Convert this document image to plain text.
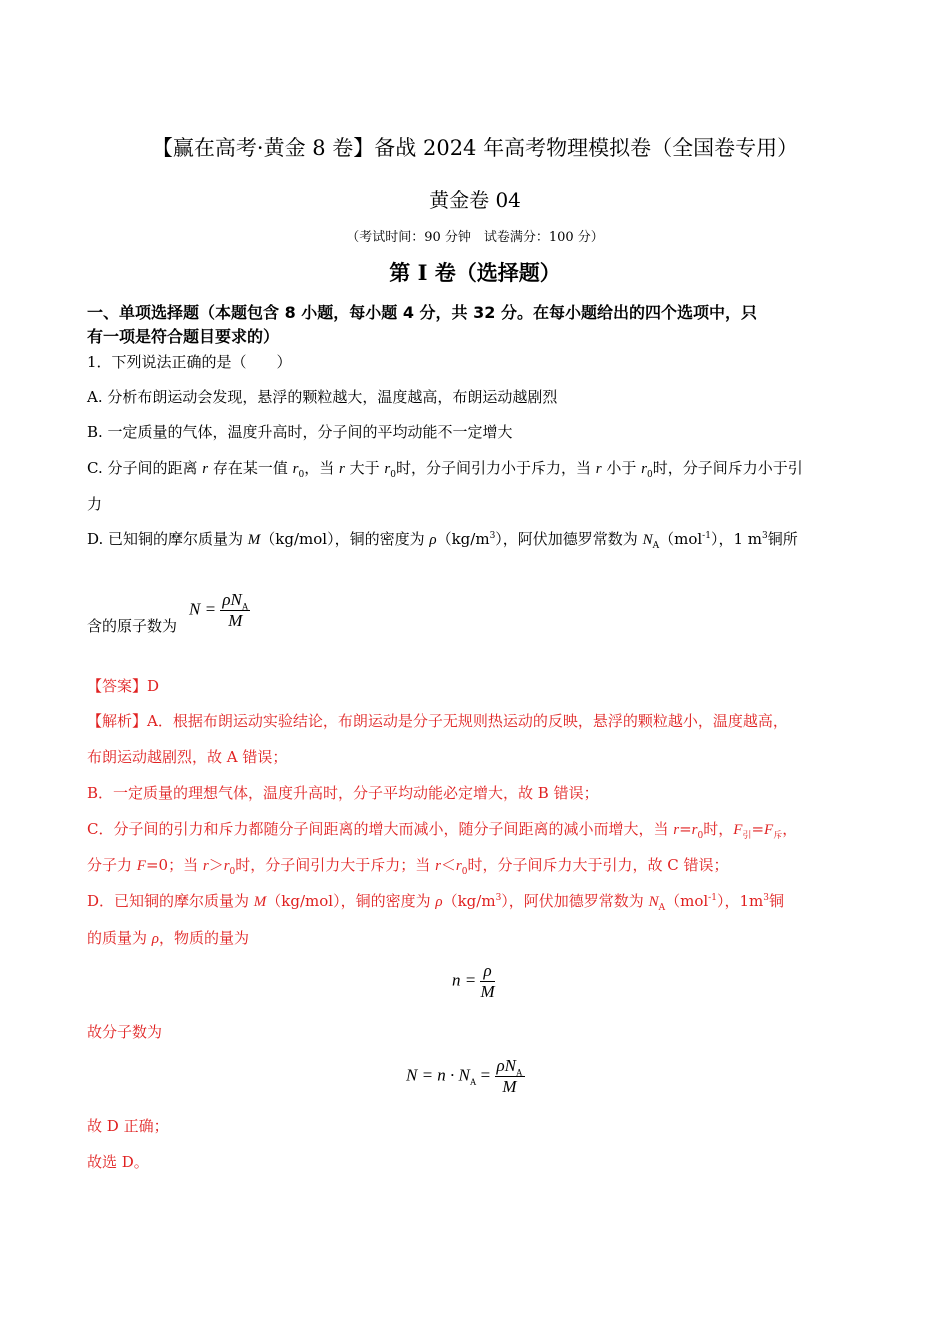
【赢在高考·黄金 8 卷】备战 2024 年高考物理模拟卷（全国卷专用）
黄金卷 04
（考试时间：90 分钟　试卷满分：100 分）
第 I 卷（选择题）
一、单项选择题（本题包含 8 小题，每小题 4 分，共 32 分。在每小题给出的四个选项中，只
有一项是符合题目要求的）
1．下列说法正确的是（　　）
A. 分析布朗运动会发现，悬浮的颗粒越大，温度越高，布朗运动越剧烈
B. 一定质量的气体，温度升高时，分子间的平均动能不一定增大
C. 分子间的距离 r 存在某一值 $r_0$，当 r 大于 $r_0$时，分子间引力小于斥力，当 r 小于 $r_0$时，分子间斥力小于引
力
D. 已知铜的摩尔质量为 M（kg/mol），铜的密度为 $\rho(kg/m^3)$，阿伏加德罗常数为 $N_A(mol^{-1})$，1 $m^3$铜所
含的原子数为
$N = \frac{\rho N_A}{M}$
【答案】D
【解析】A．根据布朗运动实验结论，布朗运动是分子无规则热运动的反映，悬浮的颗粒越小，温度越高，
布朗运动越剧烈，故 A 错误；
B．一定质量的理想气体，温度升高时，分子平均动能必定增大，故 B 错误；
C．分子间的引力和斥力都随分子间距离的增大而减小，随分子间距离的减小而增大，当 $r=r_0$时，$F_引=F_斥$，
分子力 F=0；当 $r>r_0$时，分子间引力大于斥力；当 $r<r_0$时，分子间斥力大于引力，故 C 错误；
D．已知铜的摩尔质量为 M（kg/mol），铜的密度为 $\rho(kg/m^3)$，阿伏加德罗常数为 $N_A(mol^{-1})$，$1m^3$铜
的质量为 ρ，物质的量为
$n = \frac{\rho}{M}$
故分子数为
$N = n \cdot N_A = \frac{\rho N_A}{M}$
故 D 正确；
故选 D。
